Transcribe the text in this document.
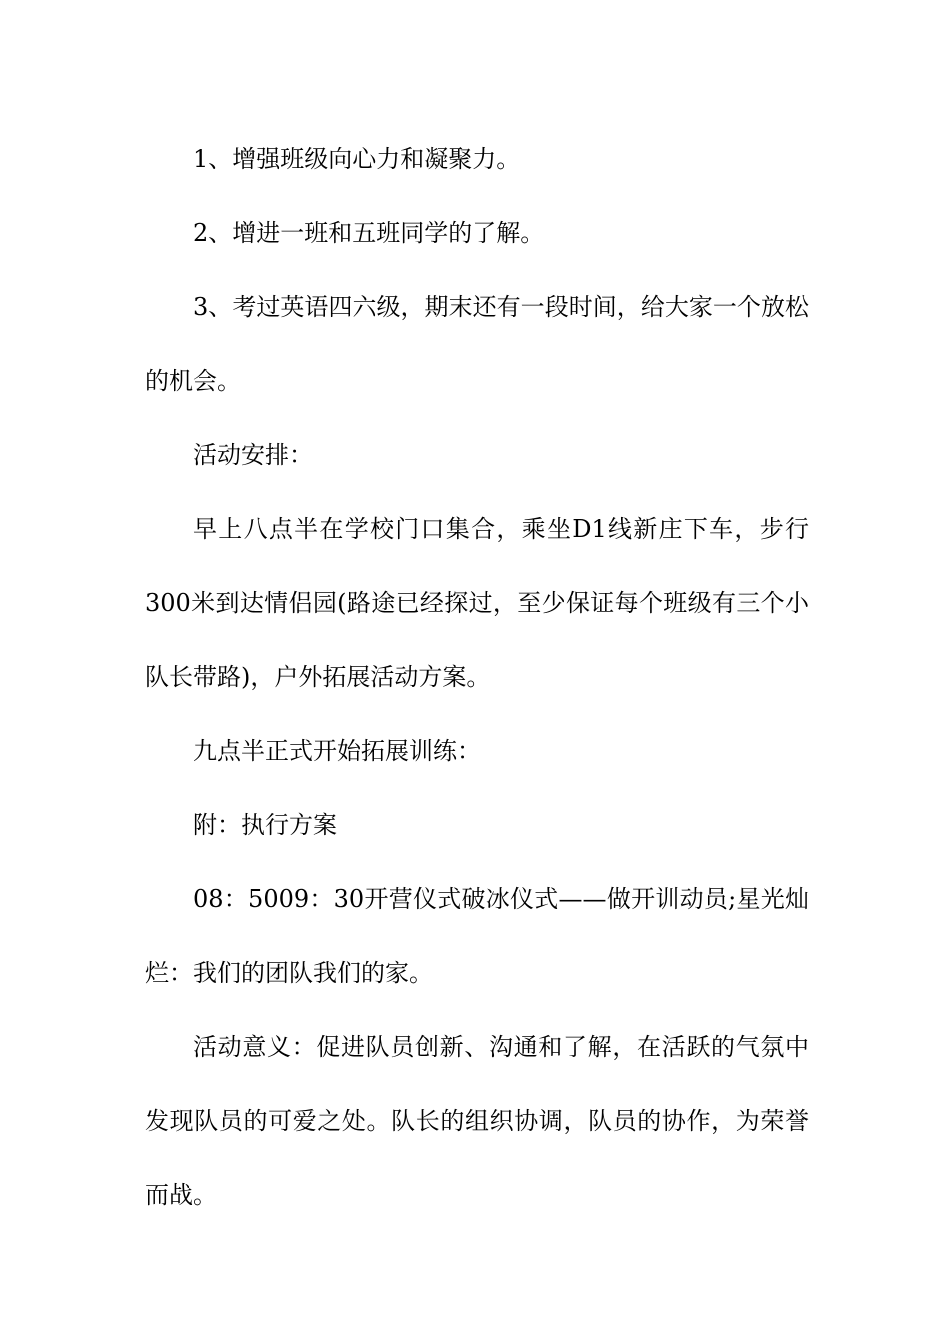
1、增强班级向心力和凝聚力。

2、增进一班和五班同学的了解。

3、考过英语四六级，期末还有一段时间，给大家一个放松的机会。

活动安排：

早上八点半在学校门口集合，乘坐D1线新庄下车，步行300米到达情侣园(路途已经探过，至少保证每个班级有三个小队长带路)，户外拓展活动方案。

九点半正式开始拓展训练：

附：执行方案

08：5009：30开营仪式破冰仪式——做开训动员;星光灿烂：我们的团队我们的家。

活动意义：促进队员创新、沟通和了解，在活跃的气氛中发现队员的可爱之处。队长的组织协调，队员的协作，为荣誉而战。
